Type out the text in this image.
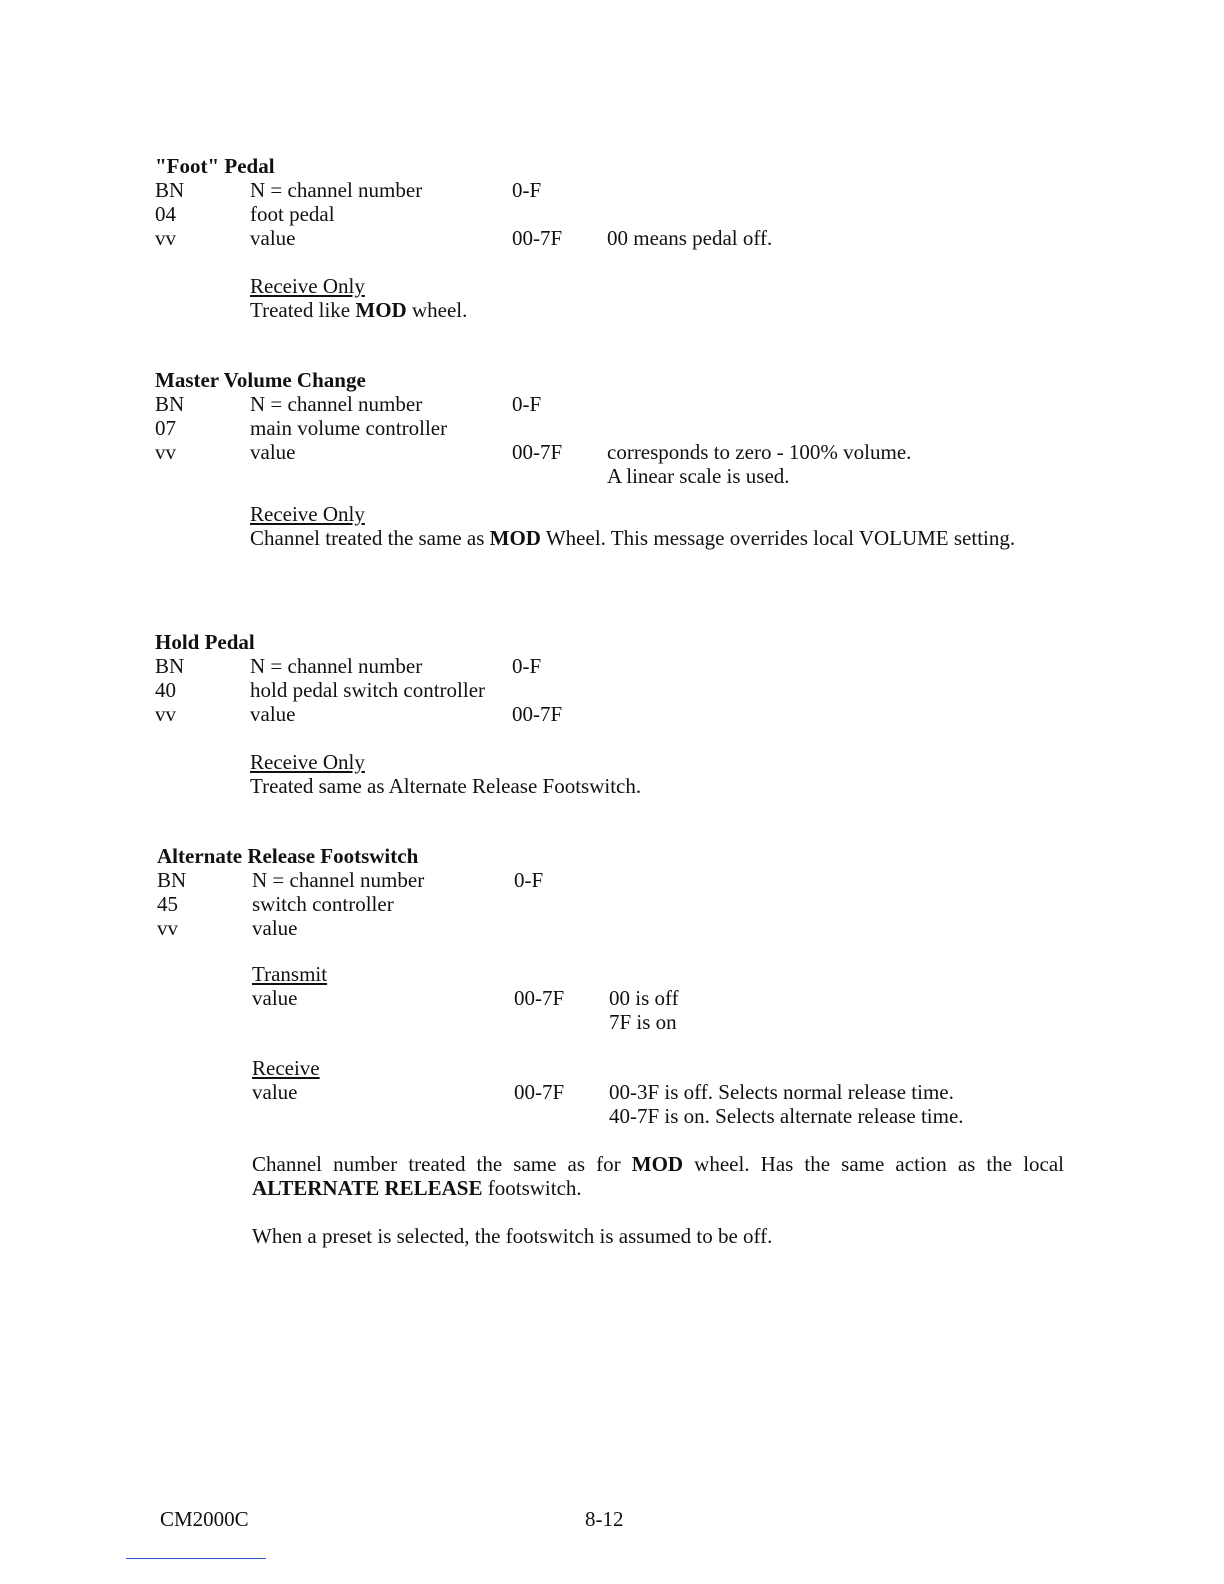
"Foot" Pedal
BN	N = channel number	0-F
04	foot pedal
vv	value	00-7F 00 means pedal off.
Receive Only
Treated like MOD wheel.
Master Volume Change
BN	N = channel number	0-F
07	main volume controller
vv	value	00-7F corresponds to zero - 100% volume.
A linear scale is used.
Receive Only
Channel treated the same as MOD Wheel. This message overrides local VOLUME setting.
Hold Pedal
BN	N = channel number	0-F
40	hold pedal switch controller
vv	value	00-7F
Receive Only
Treated same as Alternate Release Footswitch.
Alternate Release Footswitch
BN	N = channel number	0-F
45	switch controller
vv	value
Transmit
value	00-7F 00 is off
7F is on
Receive
value	00-7F 00-3F is off. Selects normal release time.
40-7F is on. Selects alternate release time.
Channel number treated the same as for MOD wheel. Has the same action as the local ALTERNATE RELEASE footswitch.
When a preset is selected, the footswitch is assumed to be off.
CM2000C	8-12
